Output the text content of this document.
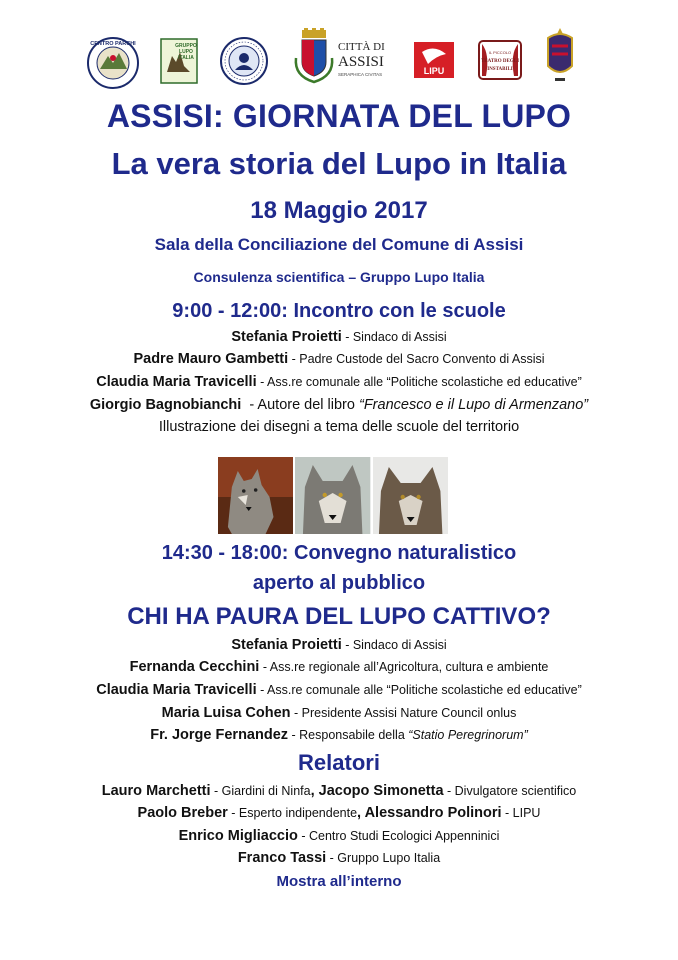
CENTRO PARCHI	GRUPPO
LUPO
ITALIA
CITTÀ DI
ASSISI
SERAPHICA CIVITAS	LIPU
IL PICCOLO
TEATRO DEGLI
INSTABILI
ASSISI: GIORNATA DEL LUPO
La vera storia del Lupo in Italia
18 Maggio 2017
Sala della Conciliazione del Comune di Assisi
Consulenza scientifica – Gruppo Lupo Italia
9:00 - 12:00: Incontro con le scuole
Stefania Proietti - Sindaco di Assisi
Padre Mauro Gambetti - Padre Custode del Sacro Convento di Assisi
Claudia Maria Travicelli - Ass.re comunale alle “Politiche scolastiche ed educative”
Giorgio Bagnobianchi  - Autore del libro “Francesco e il Lupo di Armenzano”
Illustrazione dei disegni a tema delle scuole del territorio
14:30 - 18:00: Convegno naturalistico
aperto al pubblico
CHI HA PAURA DEL LUPO CATTIVO?
Stefania Proietti - Sindaco di Assisi
Fernanda Cecchini - Ass.re regionale all’Agricoltura, cultura e ambiente
Claudia Maria Travicelli - Ass.re comunale alle “Politiche scolastiche ed educative”
Maria Luisa Cohen - Presidente Assisi Nature Council onlus
Fr. Jorge Fernandez - Responsabile della “Statio Peregrinorum”
Relatori
Lauro Marchetti - Giardini di Ninfa, Jacopo Simonetta - Divulgatore scientifico
Paolo Breber - Esperto indipendente, Alessandro Polinori - LIPU
Enrico Migliaccio - Centro Studi Ecologici Appenninici
Franco Tassi - Gruppo Lupo Italia
Mostra all’interno
